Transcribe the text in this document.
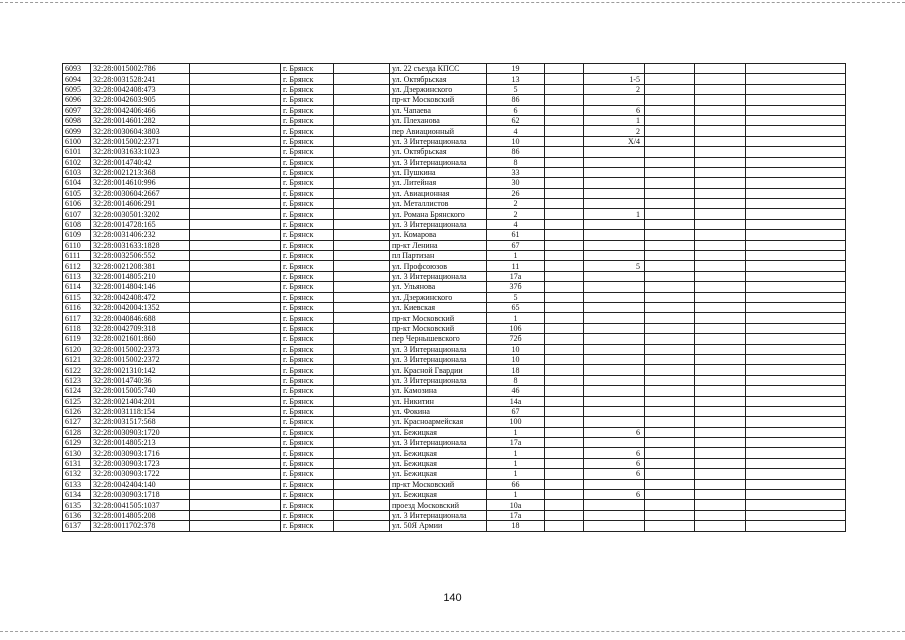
6093	32:28:0015002:786		г. Брянск		ул. 22 съезда КПСС	19					
6094	32:28:0031528:241		г. Брянск		ул. Октябрьская	13		1-5			
6095	32:28:0042408:473		г. Брянск		ул. Дзержинского	5		2			
6096	32:28:0042603:905		г. Брянск		пр-кт Московский	86					
6097	32:28:0042406:466		г. Брянск		ул. Чапаева	6		6			
6098	32:28:0014601:282		г. Брянск		ул. Плеханова	62		1			
6099	32:28:0030604:3803		г. Брянск		пер Авиационный	4		2			
6100	32:28:0015002:2371		г. Брянск		ул. 3 Интернационала	10		X/4			
6101	32:28:0031633:1023		г. Брянск		ул. Октябрьская	86					
6102	32:28:0014740:42		г. Брянск		ул. 3 Интернационала	8					
6103	32:28:0021213:368		г. Брянск		ул. Пушкина	33					
6104	32:28:0014610:996		г. Брянск		ул. Литейная	30					
6105	32:28:0030604:2667		г. Брянск		ул. Авиационная	26					
6106	32:28:0014606:291		г. Брянск		ул. Металлистов	2					
6107	32:28:0030501:3202		г. Брянск		ул. Романа Брянского	2		1			
6108	32:28:0014728:165		г. Брянск		ул. 3 Интернационала	4					
6109	32:28:0031406:232		г. Брянск		ул. Комарова	61					
6110	32:28:0031633:1828		г. Брянск		пр-кт Ленина	67					
6111	32:28:0032506:552		г. Брянск		пл Партизан	1					
6112	32:28:0021208:381		г. Брянск		ул. Профсоюзов	11		5			
6113	32:28:0014805:210		г. Брянск		ул. 3 Интернационала	17а					
6114	32:28:0014804:146		г. Брянск		ул. Ульянова	37б					
6115	32:28:0042408:472		г. Брянск		ул. Дзержинского	5					
6116	32:28:0042004:1352		г. Брянск		ул. Киевская	65					
6117	32:28:0040846:688		г. Брянск		пр-кт Московский	1					
6118	32:28:0042709:318		г. Брянск		пр-кт Московский	106					
6119	32:28:0021601:860		г. Брянск		пер Чернышевского	72б					
6120	32:28:0015002:2373		г. Брянск		ул. 3 Интернационала	10					
6121	32:28:0015002:2372		г. Брянск		ул. 3 Интернационала	10					
6122	32:28:0021310:142		г. Брянск		ул. Красной Гвардии	18					
6123	32:28:0014740:36		г. Брянск		ул. 3 Интернационала	8					
6124	32:28:0015005:740		г. Брянск		ул. Камозина	46					
6125	32:28:0021404:201		г. Брянск		ул. Никитин	14а					
6126	32:28:0031118:154		г. Брянск		ул. Фокина	67					
6127	32:28:0031517:568		г. Брянск		ул. Красноармейская	100					
6128	32:28:0030903:1720		г. Брянск		ул. Бежицкая	1		6			
6129	32:28:0014805:213		г. Брянск		ул. 3 Интернационала	17а					
6130	32:28:0030903:1716		г. Брянск		ул. Бежицкая	1		6			
6131	32:28:0030903:1723		г. Брянск		ул. Бежицкая	1		6			
6132	32:28:0030903:1722		г. Брянск		ул. Бежицкая	1		6			
6133	32:28:0042404:140		г. Брянск		пр-кт Московский	66					
6134	32:28:0030903:1718		г. Брянск		ул. Бежицкая	1		6			
6135	32:28:0041505:1037		г. Брянск		проезд Московский	10а					
6136	32:28:0014805:208		г. Брянск		ул. 3 Интернационала	17а					
6137	32:28:0011702:378		г. Брянск		ул. 50Я Армии	18					
140
